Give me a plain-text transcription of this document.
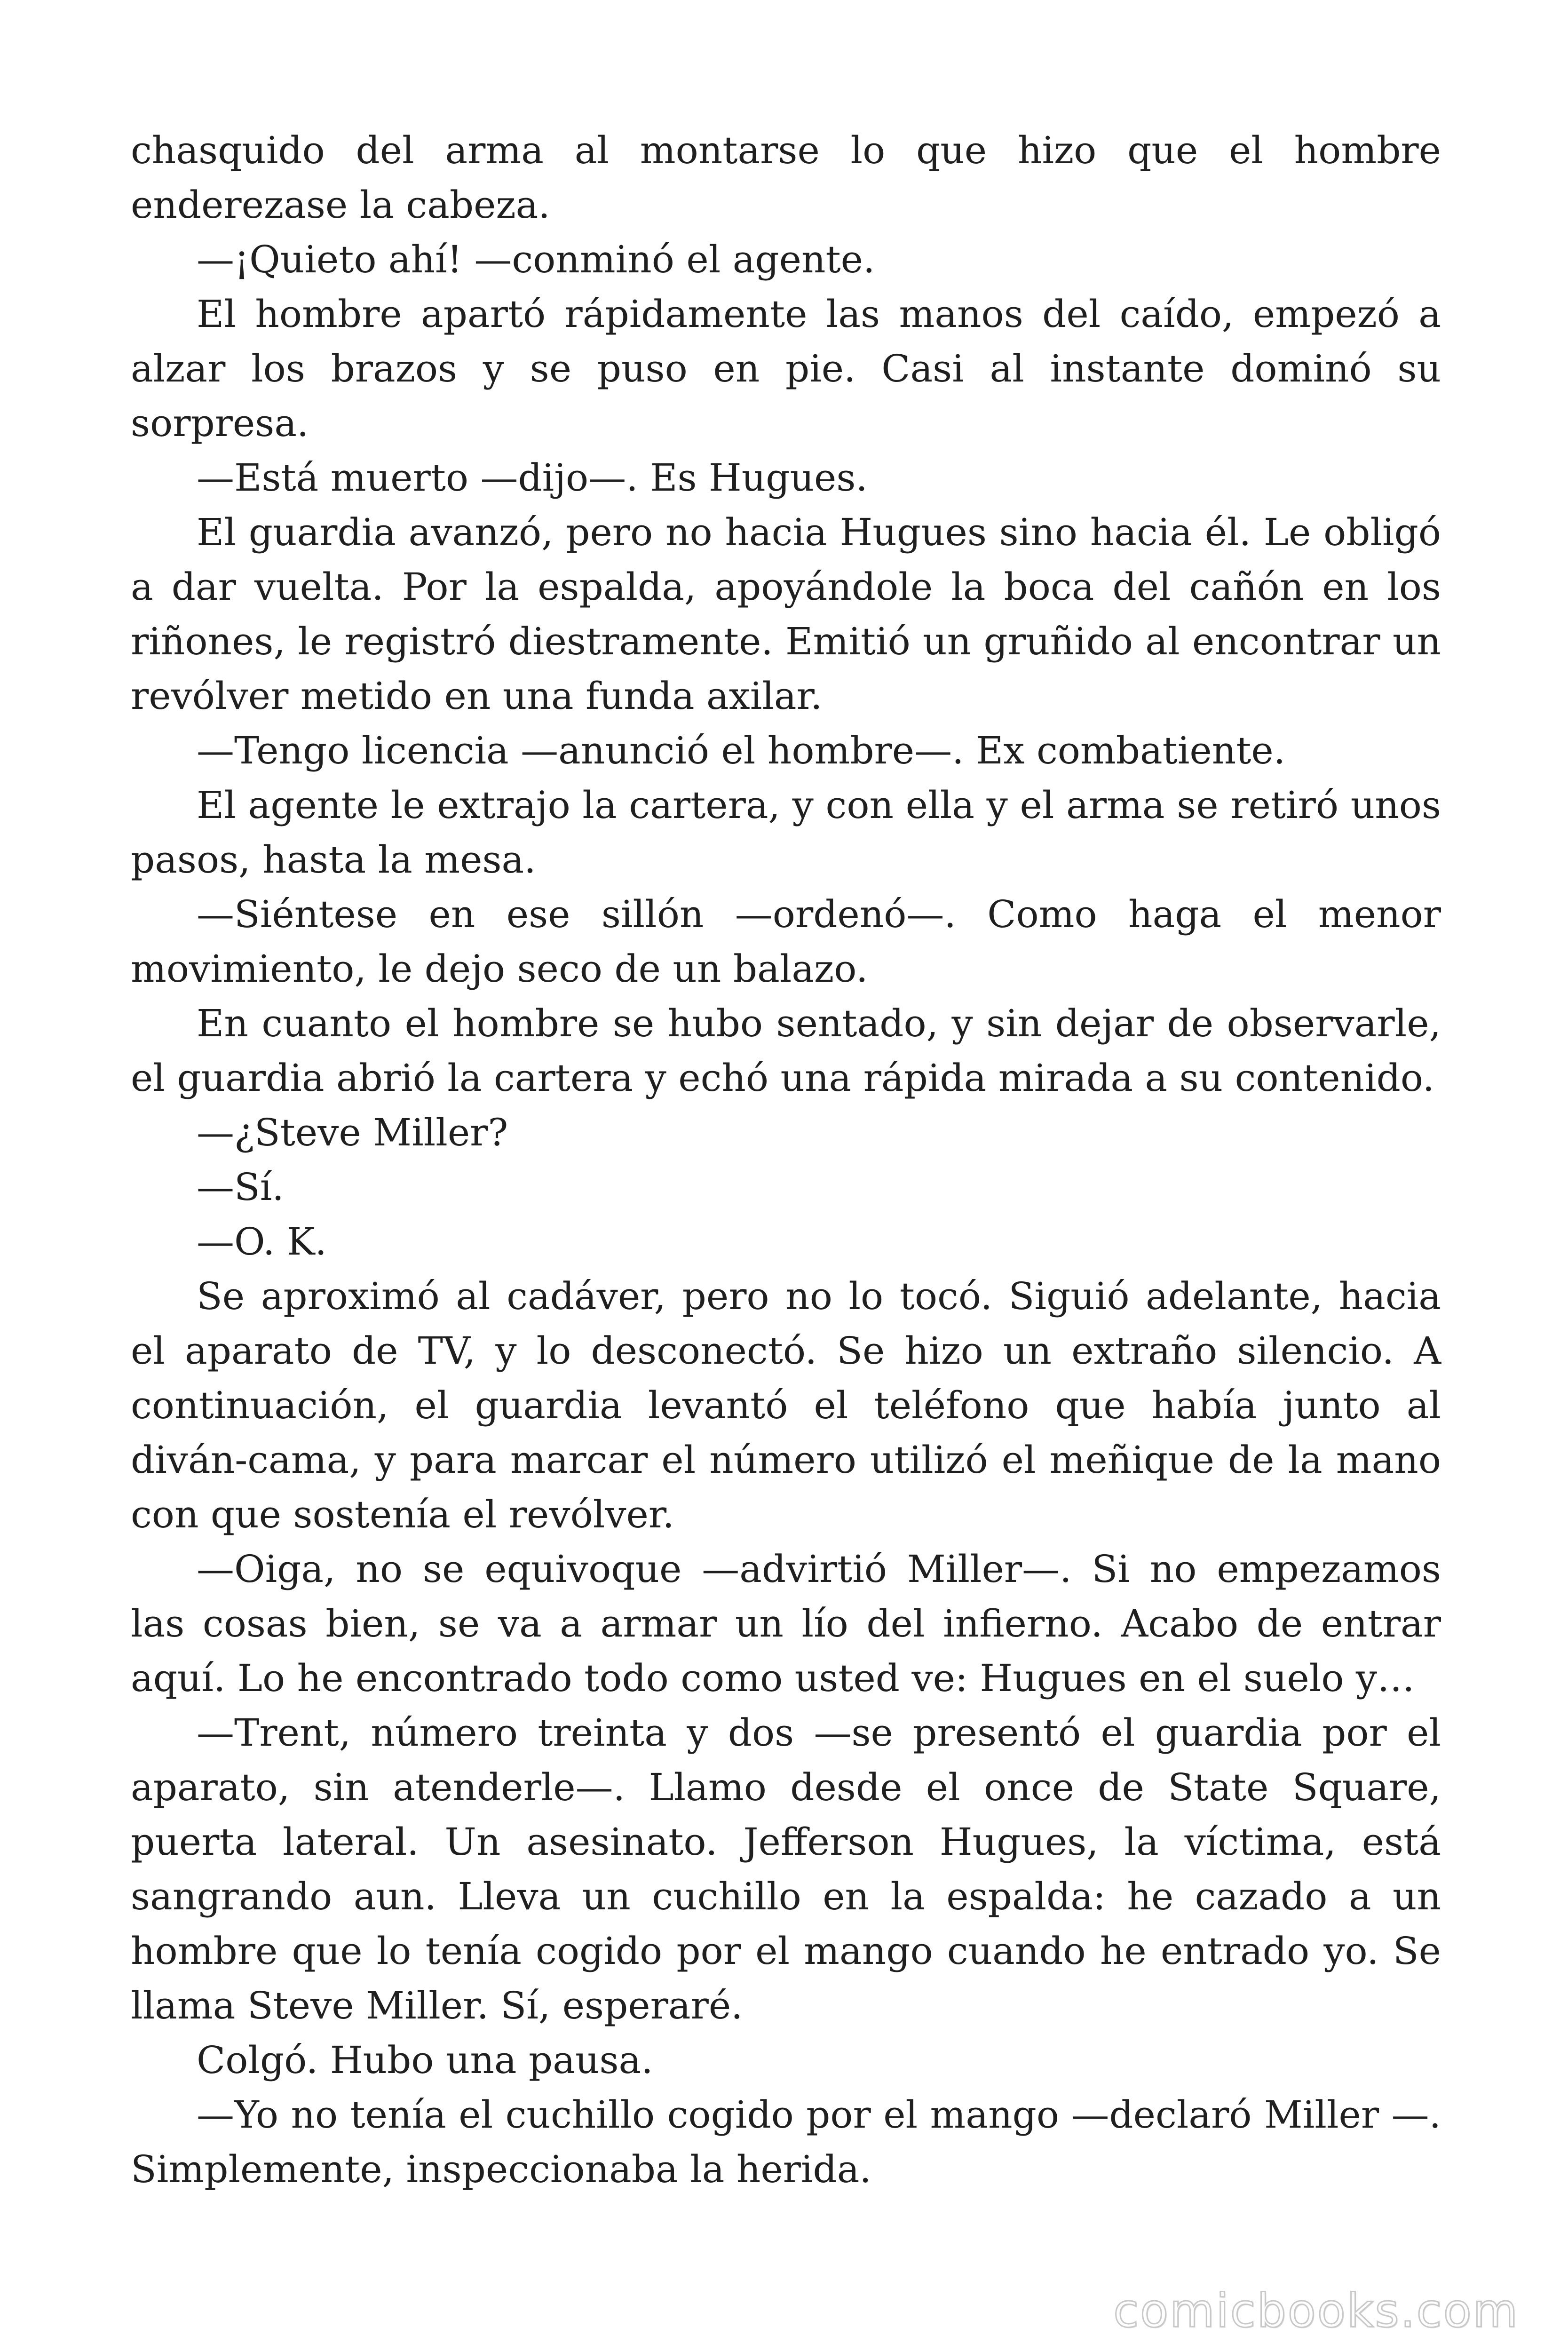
chasquido del arma al montarse lo que hizo que el hombre enderezase la cabeza.

—¡Quieto ahí! —conminó el agente.

El hombre apartó rápidamente las manos del caído, empezó a alzar los brazos y se puso en pie. Casi al instante dominó su sorpresa.

—Está muerto —dijo—. Es Hugues.

El guardia avanzó, pero no hacia Hugues sino hacia él. Le obligó a dar vuelta. Por la espalda, apoyándole la boca del cañón en los riñones, le registró diestramente. Emitió un gruñido al encontrar un revólver metido en una funda axilar.

—Tengo licencia —anunció el hombre—. Ex combatiente.

El agente le extrajo la cartera, y con ella y el arma se retiró unos pasos, hasta la mesa.

—Siéntese en ese sillón —ordenó—. Como haga el menor movimiento, le dejo seco de un balazo.

En cuanto el hombre se hubo sentado, y sin dejar de observarle, el guardia abrió la cartera y echó una rápida mirada a su contenido.

—¿Steve Miller?

—Sí.

—O. K.

Se aproximó al cadáver, pero no lo tocó. Siguió adelante, hacia el aparato de TV, y lo desconectó. Se hizo un extraño silencio. A continuación, el guardia levantó el teléfono que había junto al diván-cama, y para marcar el número utilizó el meñique de la mano con que sostenía el revólver.

—Oiga, no se equivoque —advirtió Miller—. Si no empezamos las cosas bien, se va a armar un lío del infierno. Acabo de entrar aquí. Lo he encontrado todo como usted ve: Hugues en el suelo y…

—Trent, número treinta y dos —se presentó el guardia por el aparato, sin atenderle—. Llamo desde el once de State Square, puerta lateral. Un asesinato. Jefferson Hugues, la víctima, está sangrando aun. Lleva un cuchillo en la espalda: he cazado a un hombre que lo tenía cogido por el mango cuando he entrado yo. Se llama Steve Miller. Sí, esperaré.

Colgó. Hubo una pausa.

—Yo no tenía el cuchillo cogido por el mango —declaró Miller —. Simplemente, inspeccionaba la herida.

comicbooks.com
